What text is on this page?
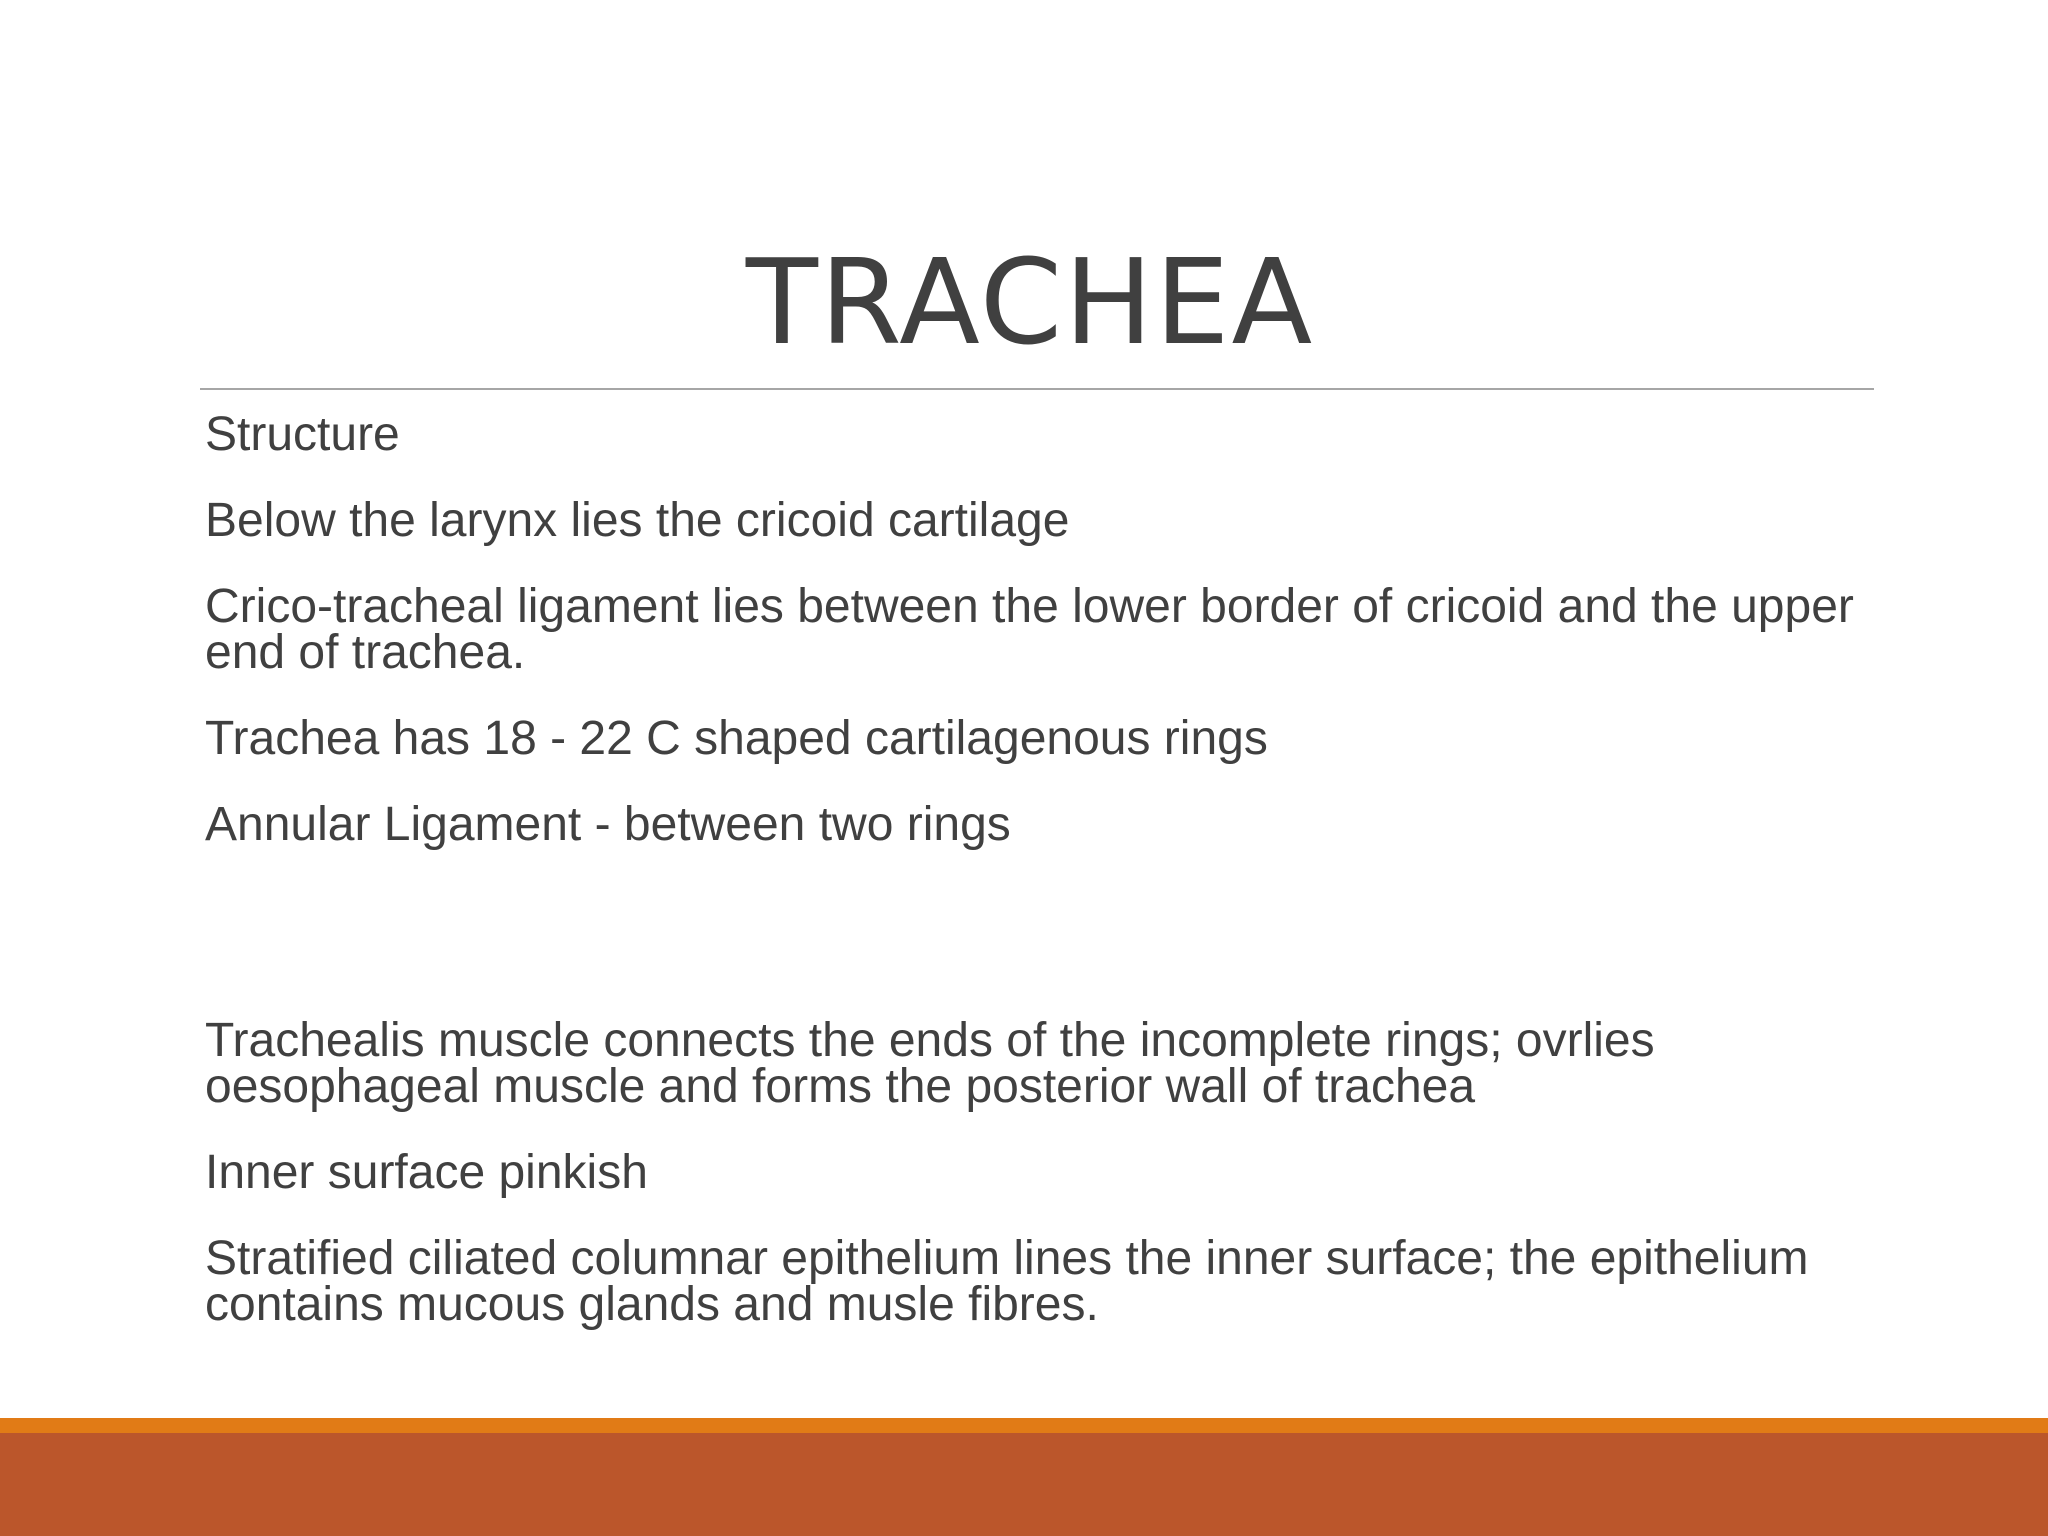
TRACHEA
Structure
Below the larynx lies the cricoid cartilage
Crico-tracheal ligament lies between the lower border of cricoid and the upper end of trachea.
Trachea has 18 - 22 C shaped cartilagenous rings
Annular Ligament - between two rings
Trachealis muscle connects the ends of the incomplete rings; ovrlies oesophageal muscle and forms the posterior wall of trachea
Inner surface pinkish
Stratified ciliated columnar epithelium lines the inner surface; the epithelium contains mucous glands and musle fibres.
